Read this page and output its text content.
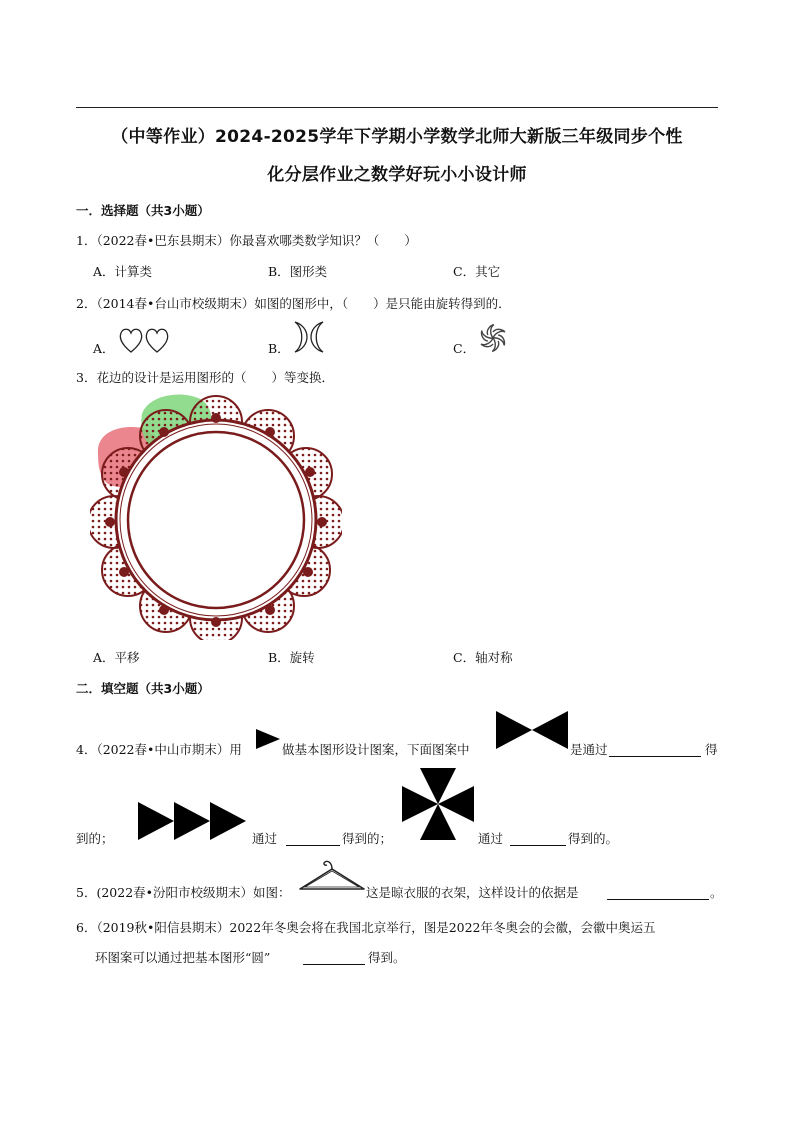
（中等作业）2024-2025学年下学期小学数学北师大新版三年级同步个性
化分层作业之数学好玩小小设计师
一．选择题（共3小题）
1．（2022春•巴东县期末）你最喜欢哪类数学知识？（　　）
A．计算类	B．图形类	C．其它
2．（2014春•台山市校级期末）如图的图形中，（　　）是只能由旋转得到的．
A．	B．	C．
3．花边的设计是运用图形的（　　）等变换．
A．平移	B．旋转	C．轴对称
二．填空题（共3小题）
4．（2022春•中山市期末）用	做基本图形设计图案，下面图案中	是通过	得
到的；	通过	得到的；	通过	得到的。
5．(2022春•汾阳市校级期末）如图：	这是晾衣服的衣架，这样设计的依据是	。
6．（2019秋•阳信县期末）2022年冬奥会将在我国北京举行，图是2022年冬奥会的会徽，会徽中奥运五
环图案可以通过把基本图形“圆”	得到。
